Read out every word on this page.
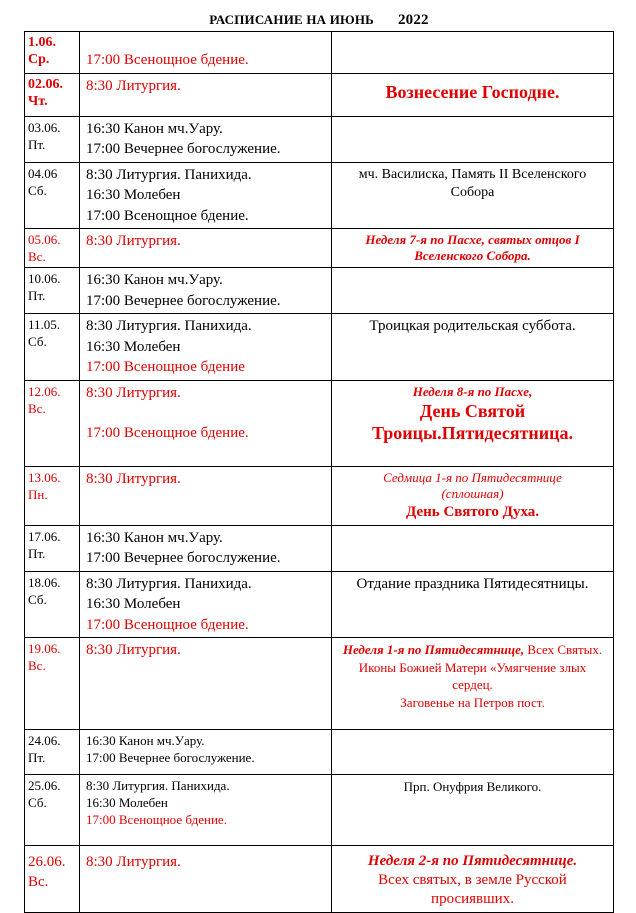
РАСПИСАНИЕ НА ИЮНЬ 2022		

1.06.
Ср.	17:00 Всенощное бдение.	

02.06.
Чт.	8:30 Литургия.	Вознесение Господне.

03.06.
Пт.	16:30 Канон мч.Уару.
17:00 Вечернее богослужение.	

04.06
Сб.	8:30 Литургия. Панихида.
16:30 Молебен
17:00 Всенощное бдение.	мч. Василиска, Память II Вселенского Собора

05.06.
Вс.	8:30 Литургия.	Неделя 7-я по Пасхе, святых отцов I Вселенского Собора.

10.06.
Пт.	16:30 Канон мч.Уару.
17:00 Вечернее богослужение.	

11.05.
Сб.	8:30 Литургия. Панихида.
16:30 Молебен
17:00 Всенощное бдение	Троицкая родительская суббота.

12.06.
Вс.	8:30 Литургия.
17:00 Всенощное бдение.	Неделя 8-я по Пасхе,
День Святой
Троицы.Пятидесятница.

13.06.
Пн.	8:30 Литургия.	Седмица 1-я по Пятидесятнице
(сплошная)
День Святого Духа.

17.06.
Пт.	16:30 Канон мч.Уару.
17:00 Вечернее богослужение.	

18.06.
Сб.	8:30 Литургия. Панихида.
16:30 Молебен
17:00 Всенощное бдение.	Отдание праздника Пятидесятницы.

19.06.
Вс.	8:30 Литургия.	Неделя 1-я по Пятидесятнице, Всех Святых.
Иконы Божией Матери «Умягчение злых сердец.
Заговенье на Петров пост.

24.06.
Пт.	16:30 Канон мч.Уару.
17:00 Вечернее богослужение.	

25.06.
Сб.	8:30 Литургия. Панихида.
16:30 Молебен
17:00 Всенощное бдение.	Прп. Онуфрия Великого.

26.06.
Вс.	8:30 Литургия.	Неделя 2-я по Пятидесятнице.
Всех святых, в земле Русской просиявших.
